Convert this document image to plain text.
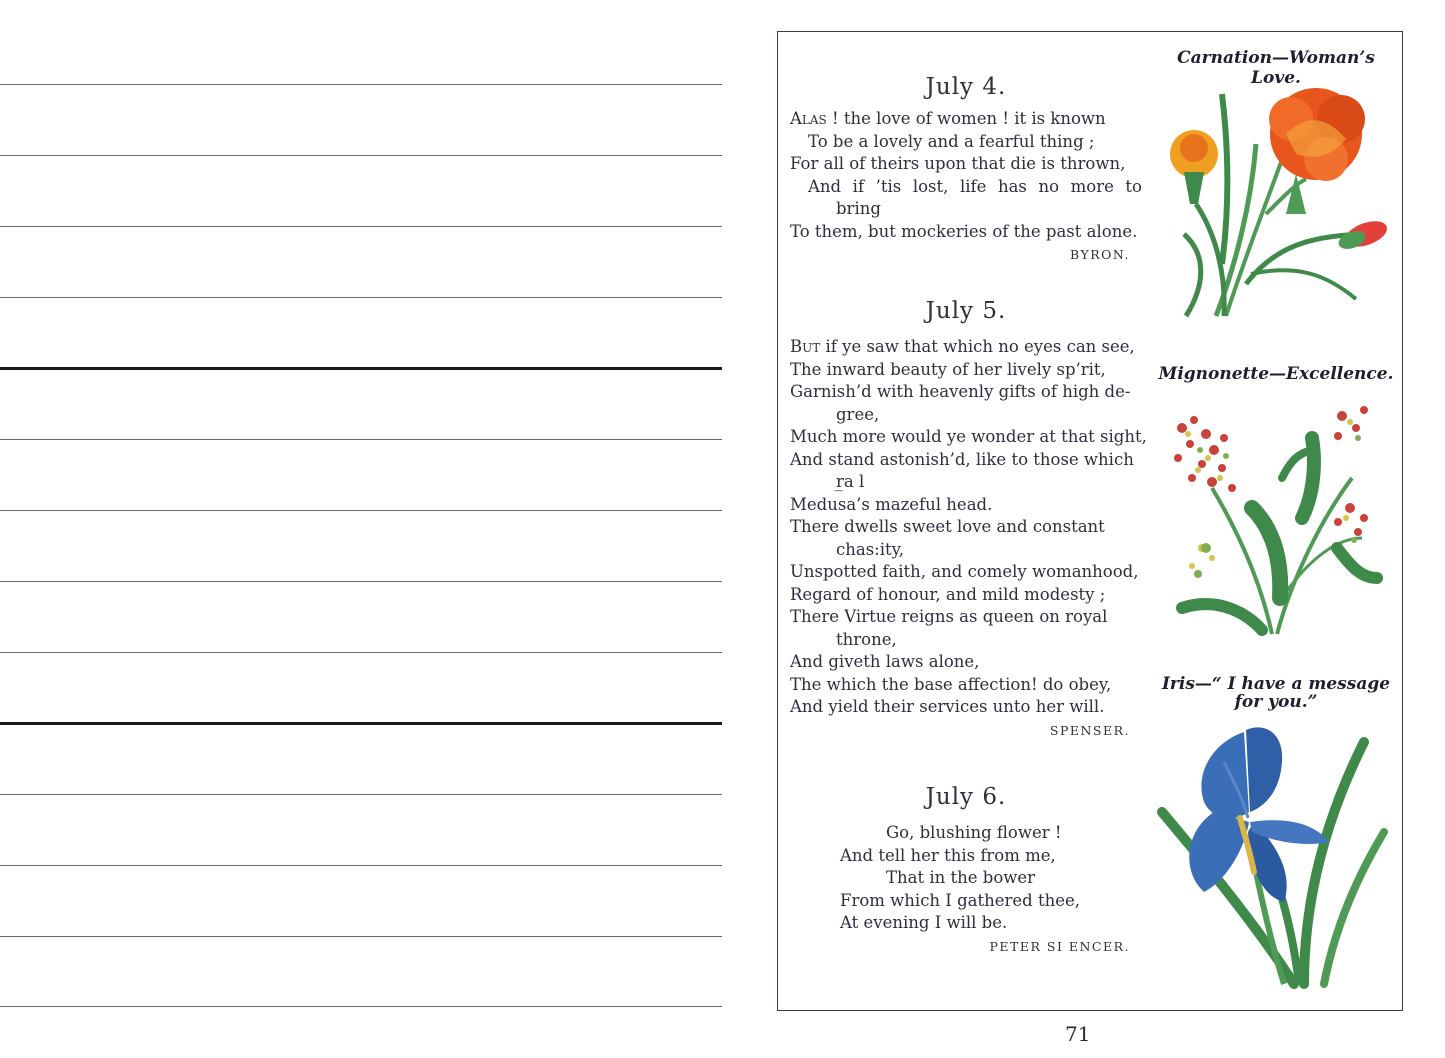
July 4.
Alas ! the love of women ! it is known
To be a lovely and a fearful thing ;
For all of theirs upon that die is thrown,
And if ’tis lost, life has no more to
bring
To them, but mockeries of the past alone.
BYRON.
July 5.
But if ye saw that which no eyes can see,
The inward beauty of her lively sp’rit,
Garnish’d with heavenly gifts of high de-
gree,
Much more would ye wonder at that sight,
And stand astonish’d, like to those which
r̲a l
Medusa’s mazeful head.
There dwells sweet love and constant
chas:ity,
Unspotted faith, and comely womanhood,
Regard of honour, and mild modesty ;
There Virtue reigns as queen on royal
throne,
And giveth laws alone,
The which the base affection! do obey,
And yield their services unto her will.
SPENSER.
July 6.
Go, blushing flower !
And tell her this from me,
That in the bower
From which I gathered thee,
At evening I will be.
PETER SI ENCER.
Carnation—Woman’s Love.
Mignonette—Excellence.
Iris—“ I have a message
for you.”
71
